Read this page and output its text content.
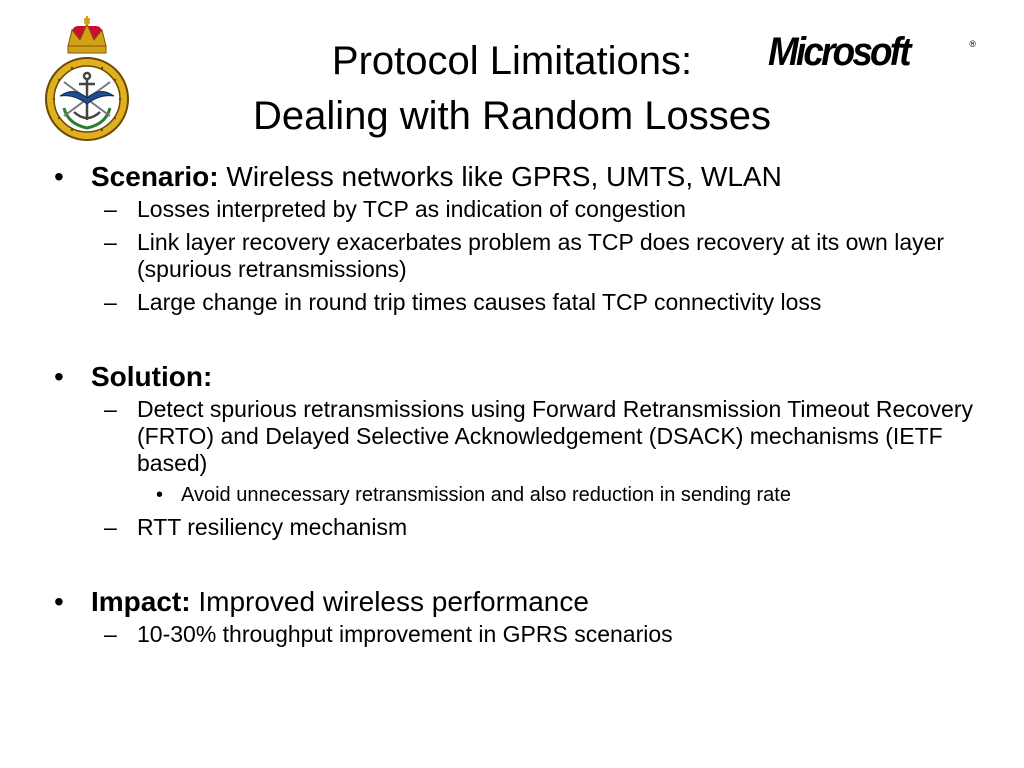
Protocol Limitations:
Dealing with Random Losses
Microsoft	®
• Scenario: Wireless networks like GPRS, UMTS, WLAN
– Losses interpreted by TCP as indication of congestion
– Link layer recovery exacerbates problem as TCP does recovery at its own layer (spurious retransmissions)
– Large change in round trip times causes fatal TCP connectivity loss
• Solution:
– Detect spurious retransmissions using Forward Retransmission Timeout Recovery (FRTO) and Delayed Selective Acknowledgement (DSACK) mechanisms (IETF based)
• Avoid unnecessary retransmission and also reduction in sending rate
– RTT resiliency mechanism
• Impact: Improved wireless performance
– 10-30% throughput improvement in GPRS scenarios
